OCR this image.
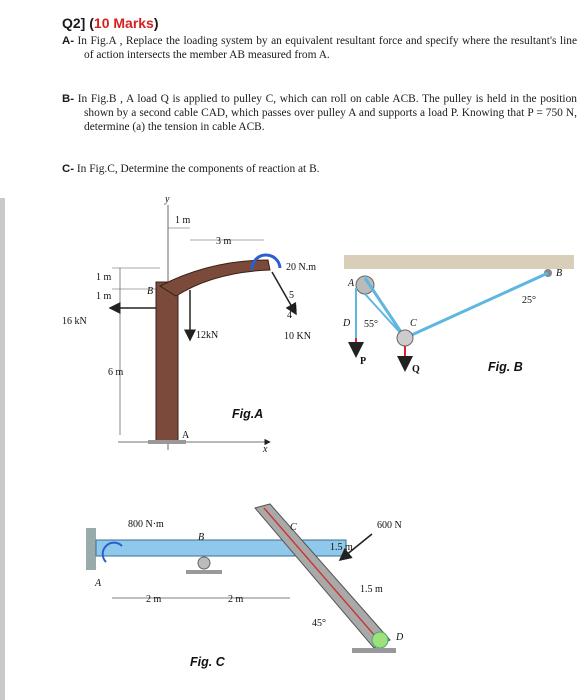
Q2] (10 Marks)
A- In Fig.A , Replace the loading system by an equivalent resultant force and specify where the resultant's line of action intersects the member AB measured from A.
B- In Fig.B , A load Q is applied to pulley C, which can roll on cable ACB. The pulley is held in the position shown by a second cable CAD, which passes over pulley A and supports a load P. Knowing that P = 750 N, determine (a) the tension in cable ACB.
C- In Fig.C, Determine the components of reaction at B.
y
x
1 m
1 m
6 m
1 m
3 m
A
B
16 kN
12kN
20 N.m
5
3
4
10 KN
Fig.A
A
B
C
D 55°
25°
P
Q	Fig. B
A
800 N·m
B
2 m	2 m
D
C
45°
600 N
1.5 m
1.5 m
Fig. C
